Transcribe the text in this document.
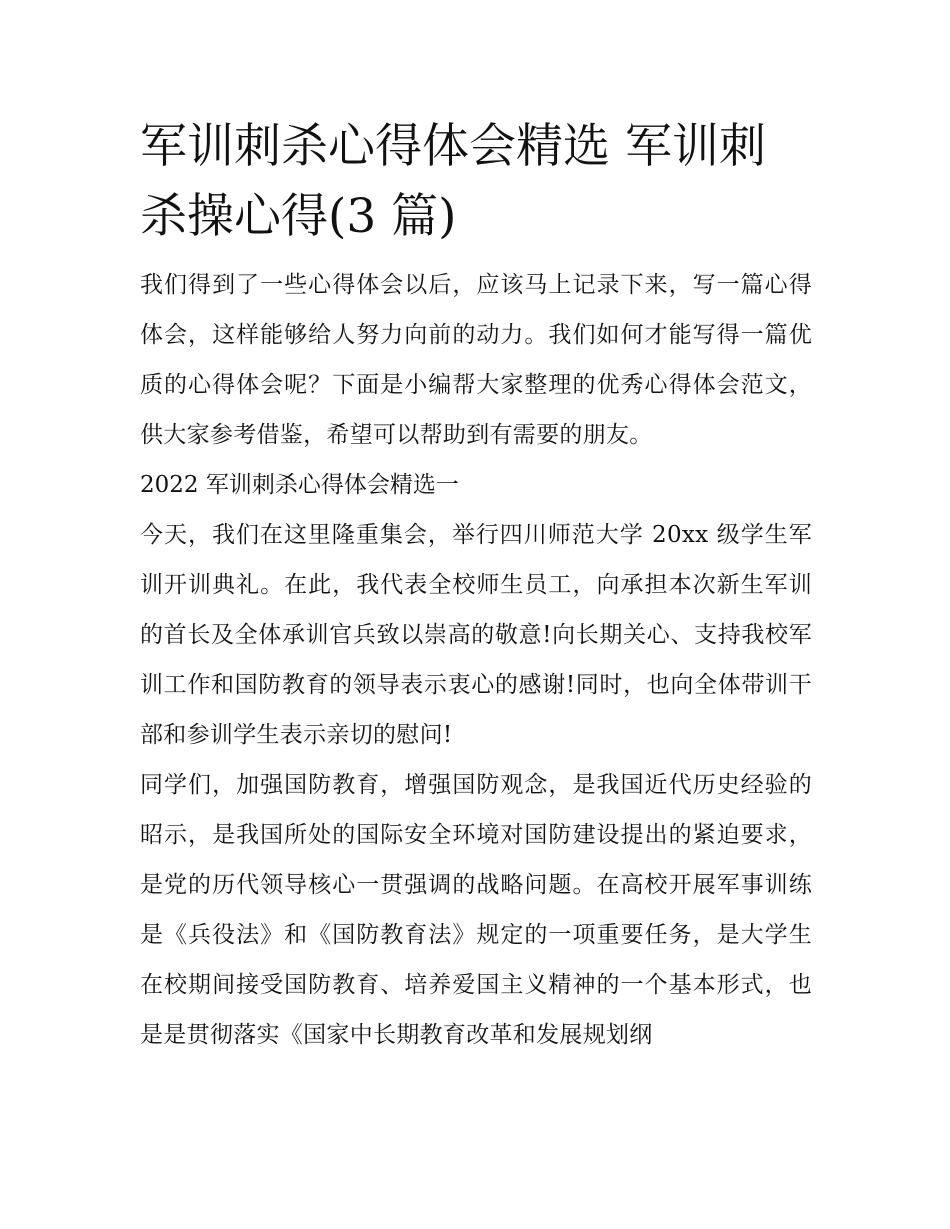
军训刺杀心得体会精选 军训刺
杀操心得(3 篇)

我们得到了一些心得体会以后，应该马上记录下来，写一篇心得体会，这样能够给人努力向前的动力。我们如何才能写得一篇优质的心得体会呢？下面是小编帮大家整理的优秀心得体会范文，供大家参考借鉴，希望可以帮助到有需要的朋友。

2022 军训刺杀心得体会精选一

今天，我们在这里隆重集会，举行四川师范大学 20xx 级学生军训开训典礼。在此，我代表全校师生员工，向承担本次新生军训的首长及全体承训官兵致以崇高的敬意!向长期关心、支持我校军训工作和国防教育的领导表示衷心的感谢!同时，也向全体带训干部和参训学生表示亲切的慰问!

同学们，加强国防教育，增强国防观念，是我国近代历史经验的昭示，是我国所处的国际安全环境对国防建设提出的紧迫要求，是党的历代领导核心一贯强调的战略问题。在高校开展军事训练是《兵役法》和《国防教育法》规定的一项重要任务，是大学生在校期间接受国防教育、培养爱国主义精神的一个基本形式，也是是贯彻落实《国家中长期教育改革和发展规划纲
